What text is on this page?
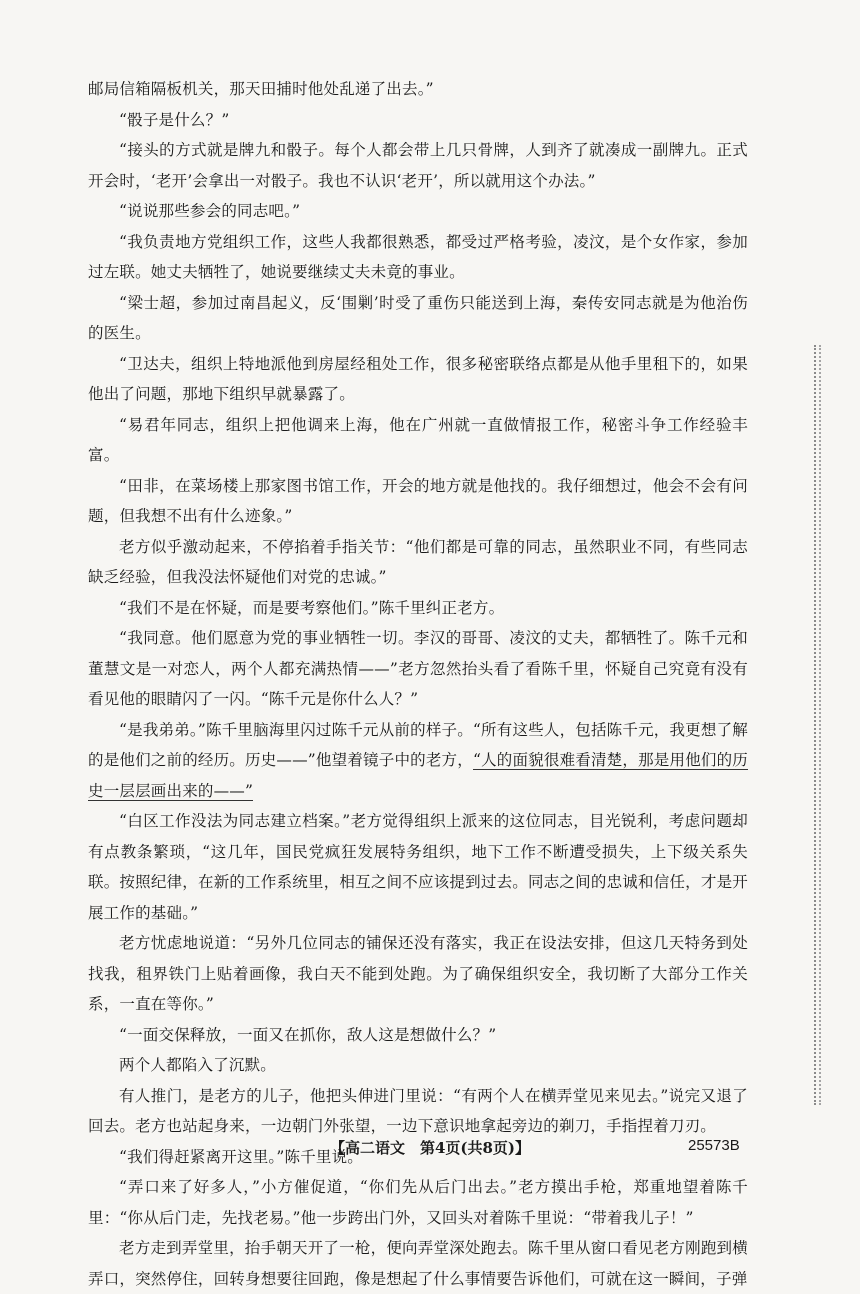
邮局信箱隔板机关，那天田捕时他处乱递了出去。”

“骰子是什么？”

“接头的方式就是牌九和骰子。每个人都会带上几只骨牌，人到齐了就凑成一副牌九。正式开会时，‘老开’会拿出一对骰子。我也不认识‘老开’，所以就用这个办法。”

“说说那些参会的同志吧。”

“我负责地方党组织工作，这些人我都很熟悉，都受过严格考验，凌汶，是个女作家，参加过左联。她丈夫牺牲了，她说要继续丈夫未竟的事业。

“梁士超，参加过南昌起义，反‘围剿’时受了重伤只能送到上海，秦传安同志就是为他治伤的医生。

“卫达夫，组织上特地派他到房屋经租处工作，很多秘密联络点都是从他手里租下的，如果他出了问题，那地下组织早就暴露了。

“易君年同志，组织上把他调来上海，他在广州就一直做情报工作，秘密斗争工作经验丰富。

“田非，在菜场楼上那家图书馆工作，开会的地方就是他找的。我仔细想过，他会不会有问题，但我想不出有什么迹象。”

老方似乎激动起来，不停掐着手指关节：“他们都是可靠的同志，虽然职业不同，有些同志缺乏经验，但我没法怀疑他们对党的忠诚。”

“我们不是在怀疑，而是要考察他们。”陈千里纠正老方。

“我同意。他们愿意为党的事业牺牲一切。李汉的哥哥、凌汶的丈夫，都牺牲了。陈千元和董慧文是一对恋人，两个人都充满热情——”老方忽然抬头看了看陈千里，怀疑自己究竟有没有看见他的眼睛闪了一闪。“陈千元是你什么人？”

“是我弟弟。”陈千里脑海里闪过陈千元从前的样子。“所有这些人，包括陈千元，我更想了解的是他们之前的经历。历史——”他望着镜子中的老方，“人的面貌很难看清楚，那是用他们的历史一层层画出来的——”

“白区工作没法为同志建立档案。”老方觉得组织上派来的这位同志，目光锐利，考虑问题却有点教条繁琐，“这几年，国民党疯狂发展特务组织，地下工作不断遭受损失，上下级关系失联。按照纪律，在新的工作系统里，相互之间不应该提到过去。同志之间的忠诚和信任，才是开展工作的基础。”

老方忧虑地说道：“另外几位同志的铺保还没有落实，我正在设法安排，但这几天特务到处找我，租界铁门上贴着画像，我白天不能到处跑。为了确保组织安全，我切断了大部分工作关系，一直在等你。”

“一面交保释放，一面又在抓你，敌人这是想做什么？”

两个人都陷入了沉默。

有人推门，是老方的儿子，他把头伸进门里说：“有两个人在横弄堂见来见去。”说完又退了回去。老方也站起身来，一边朝门外张望，一边下意识地拿起旁边的剃刀，手指捏着刀刃。

“我们得赶紧离开这里。”陈千里说。

“弄口来了好多人，”小方催促道，“你们先从后门出去。”老方摸出手枪，郑重地望着陈千里：“你从后门走，先找老易。”他一步跨出门外，又回头对着陈千里说：“带着我儿子！”

老方走到弄堂里，抬手朝天开了一枪，便向弄堂深处跑去。陈千里从窗口看见老方刚跑到横弄口，突然停住，回转身想要往回跑，像是想起了什么事情要告诉他们，可就在这一瞬间，子弹

【高二语文　第4页(共8页)】	25573B
